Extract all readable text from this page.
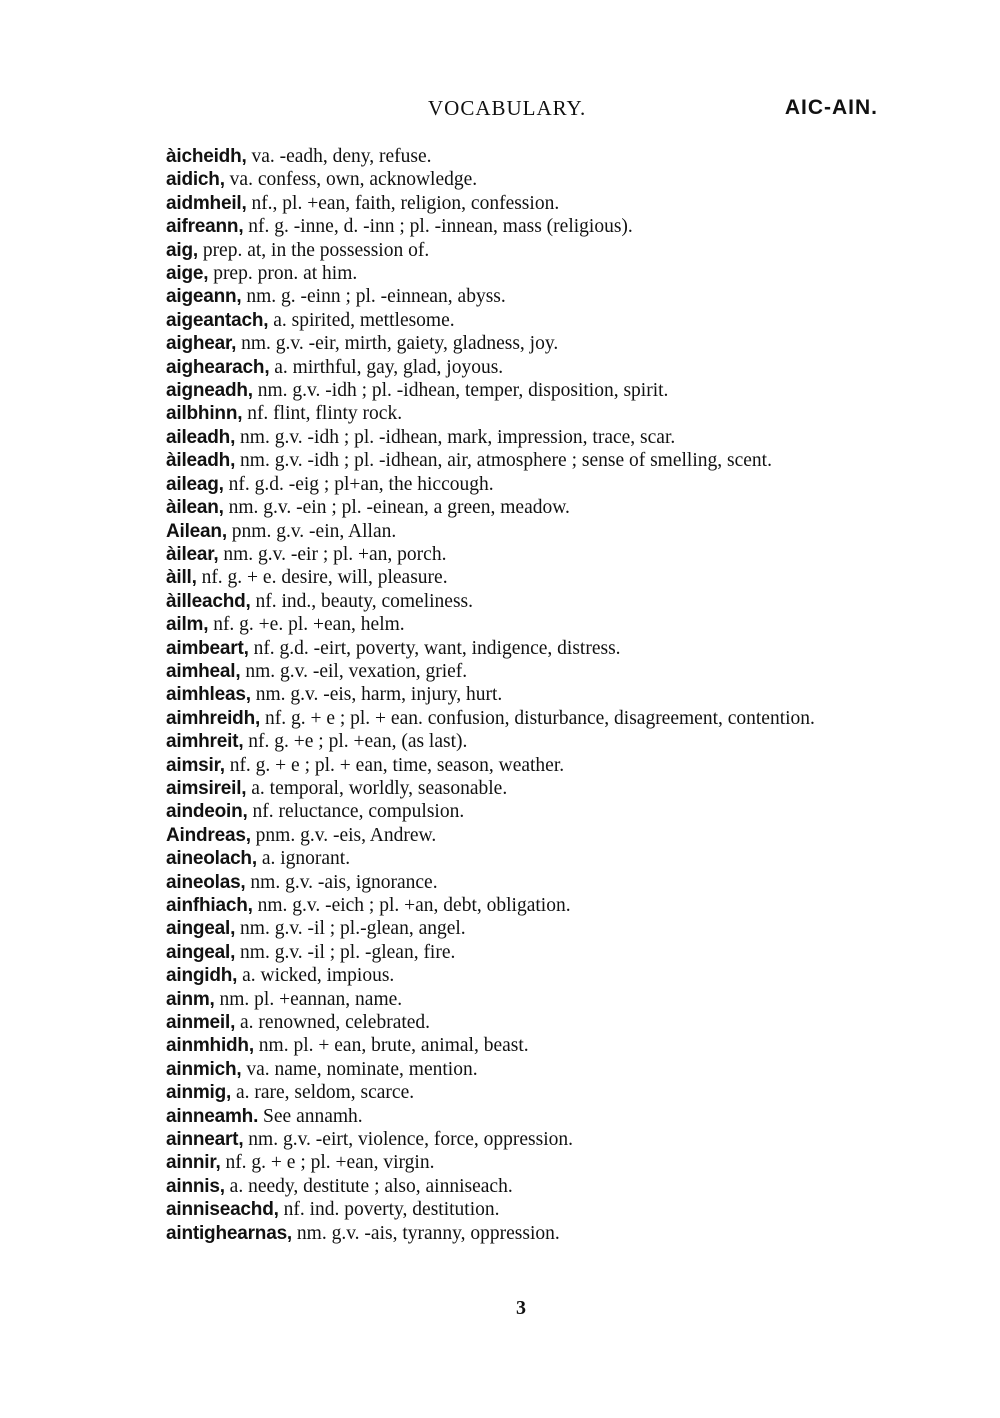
VOCABULARY.	AIC-AIN.

àicheidh, va. -eadh, deny, refuse.

aidich, va. confess, own, acknowledge.

aidmheil, nf., pl. +ean, faith, religion, confession.

aifreann, nf. g. -inne, d. -inn ; pl. -innean, mass (religious).

aig, prep. at, in the possession of.

aige, prep. pron. at him.

aigeann, nm. g. -einn ; pl. -einnean, abyss.

aigeantach, a. spirited, mettlesome.

aighear, nm. g.v. -eir, mirth, gaiety, gladness, joy.

aighearach, a. mirthful, gay, glad, joyous.

aigneadh, nm. g.v. -idh ; pl. -idhean, temper, disposition, spirit.

ailbhinn, nf. flint, flinty rock.

aileadh, nm. g.v. -idh ; pl. -idhean, mark, impression, trace, scar.

àileadh, nm. g.v. -idh ; pl. -idhean, air, atmosphere ; sense of smelling, scent.

aileag, nf. g.d. -eig ; pl+an, the hiccough.

àilean, nm. g.v. -ein ; pl. -einean, a green, meadow.

Ailean, pnm. g.v. -ein, Allan.

àilear, nm. g.v. -eir ; pl. +an, porch.

àill, nf. g. + e. desire, will, pleasure.

àilleachd, nf. ind., beauty, comeliness.

ailm, nf. g. +e. pl. +ean, helm.

aimbeart, nf. g.d. -eirt, poverty, want, indigence, distress.

aimheal, nm. g.v. -eil, vexation, grief.

aimhleas, nm. g.v. -eis, harm, injury, hurt.

aimhreidh, nf. g. + e ; pl. + ean. confusion, disturbance, disagreement, contention.

aimhreit, nf. g. +e ; pl. +ean, (as last).

aimsir, nf. g. + e ; pl. + ean, time, season, weather.

aimsireil, a. temporal, worldly, seasonable.

aindeoin, nf. reluctance, compulsion.

Aindreas, pnm. g.v. -eis, Andrew.

aineolach, a. ignorant.

aineolas, nm. g.v. -ais, ignorance.

ainfhiach, nm. g.v. -eich ; pl. +an, debt, obligation.

aingeal, nm. g.v. -il ; pl.-glean, angel.

aingeal, nm. g.v. -il ; pl. -glean, fire.

aingidh, a. wicked, impious.

ainm, nm. pl. +eannan, name.

ainmeil, a. renowned, celebrated.

ainmhidh, nm. pl. + ean, brute, animal, beast.

ainmich, va. name, nominate, mention.

ainmig, a. rare, seldom, scarce.

ainneamh. See annamh.

ainneart, nm. g.v. -eirt, violence, force, oppression.

ainnir, nf. g. + e ; pl. +ean, virgin.

ainnis, a. needy, destitute ; also, ainniseach.

ainniseachd, nf. ind. poverty, destitution.

aintighearnas, nm. g.v. -ais, tyranny, oppression.

3
